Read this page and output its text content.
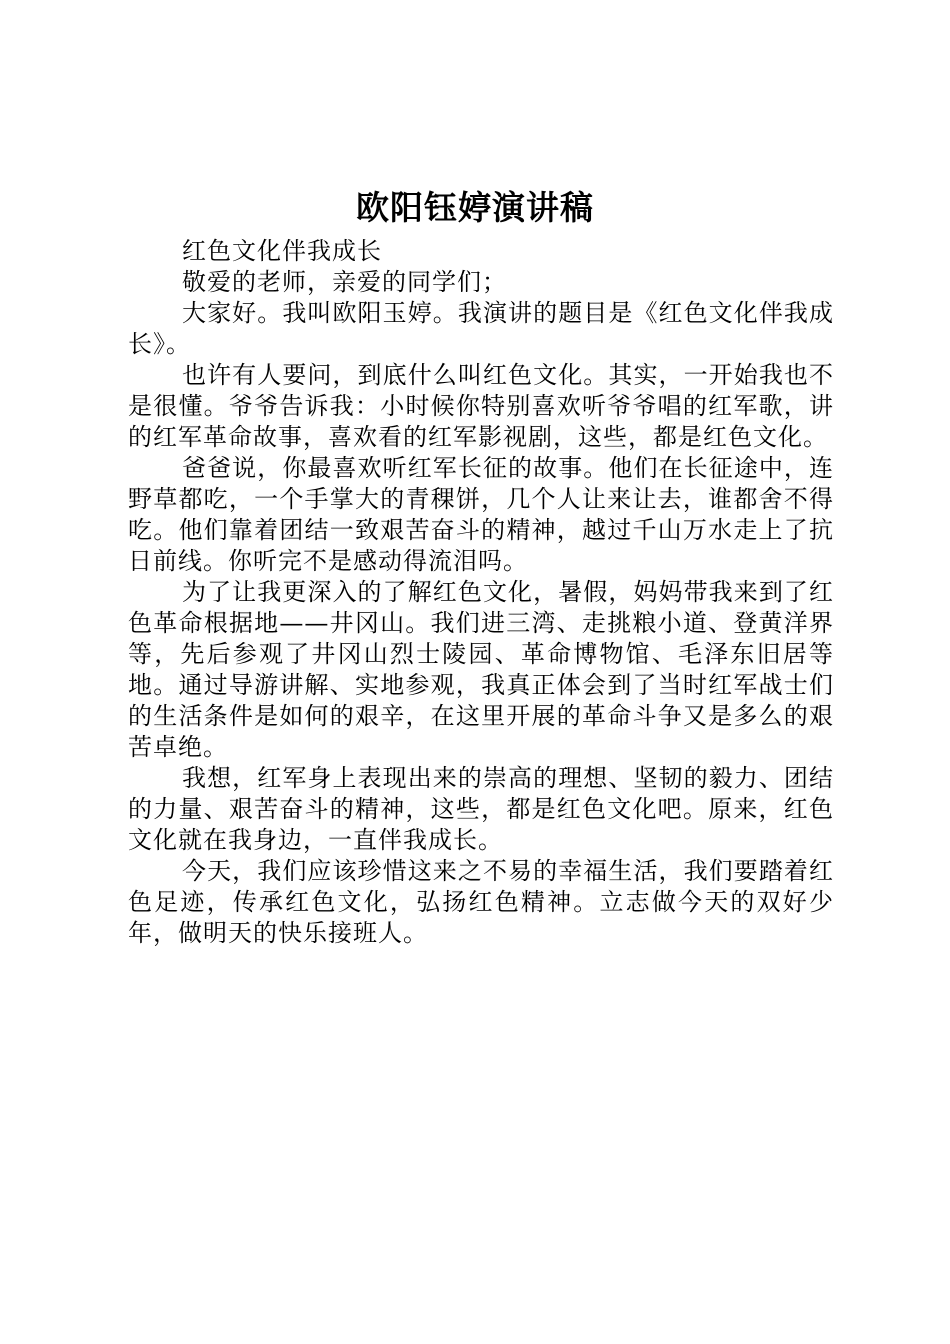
欧阳钰婷演讲稿

红色文化伴我成长

敬爱的老师，亲爱的同学们；

大家好。我叫欧阳玉婷。我演讲的题目是《红色文化伴我成长》。

也许有人要问，到底什么叫红色文化。其实，一开始我也不是很懂。爷爷告诉我：小时候你特别喜欢听爷爷唱的红军歌，讲的红军革命故事，喜欢看的红军影视剧，这些，都是红色文化。

爸爸说，你最喜欢听红军长征的故事。他们在长征途中，连野草都吃，一个手掌大的青稞饼，几个人让来让去，谁都舍不得吃。他们靠着团结一致艰苦奋斗的精神，越过千山万水走上了抗日前线。你听完不是感动得流泪吗。

为了让我更深入的了解红色文化，暑假，妈妈带我来到了红色革命根据地——井冈山。我们进三湾、走挑粮小道、登黄洋界等，先后参观了井冈山烈士陵园、革命博物馆、毛泽东旧居等地。通过导游讲解、实地参观，我真正体会到了当时红军战士们的生活条件是如何的艰辛，在这里开展的革命斗争又是多么的艰苦卓绝。

我想，红军身上表现出来的崇高的理想、坚韧的毅力、团结的力量、艰苦奋斗的精神，这些，都是红色文化吧。原来，红色文化就在我身边，一直伴我成长。

今天，我们应该珍惜这来之不易的幸福生活，我们要踏着红色足迹，传承红色文化，弘扬红色精神。立志做今天的双好少年，做明天的快乐接班人。
